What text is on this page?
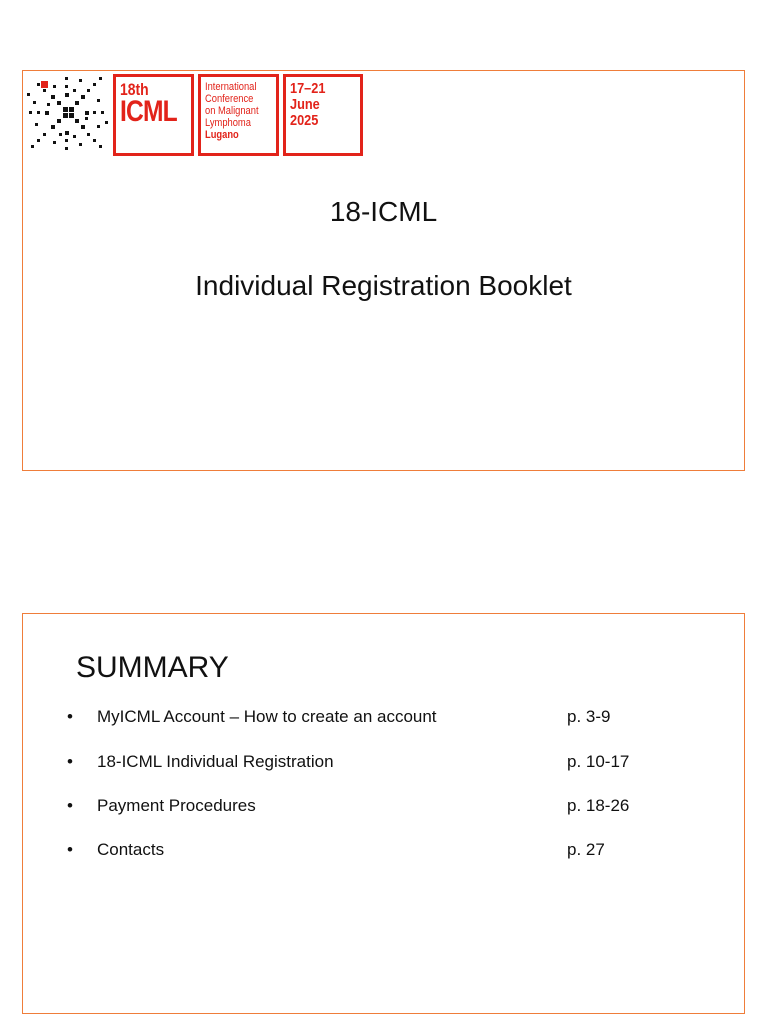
18th
ICML
International
Conference
on Malignant
Lymphoma
Lugano
17–21
June
2025
18-ICML
Individual Registration Booklet
SUMMARY
• MyICML Account – How to create an account	p. 3-9
• 18-ICML Individual Registration	p. 10-17
• Payment Procedures	p. 18-26
• Contacts	p. 27
